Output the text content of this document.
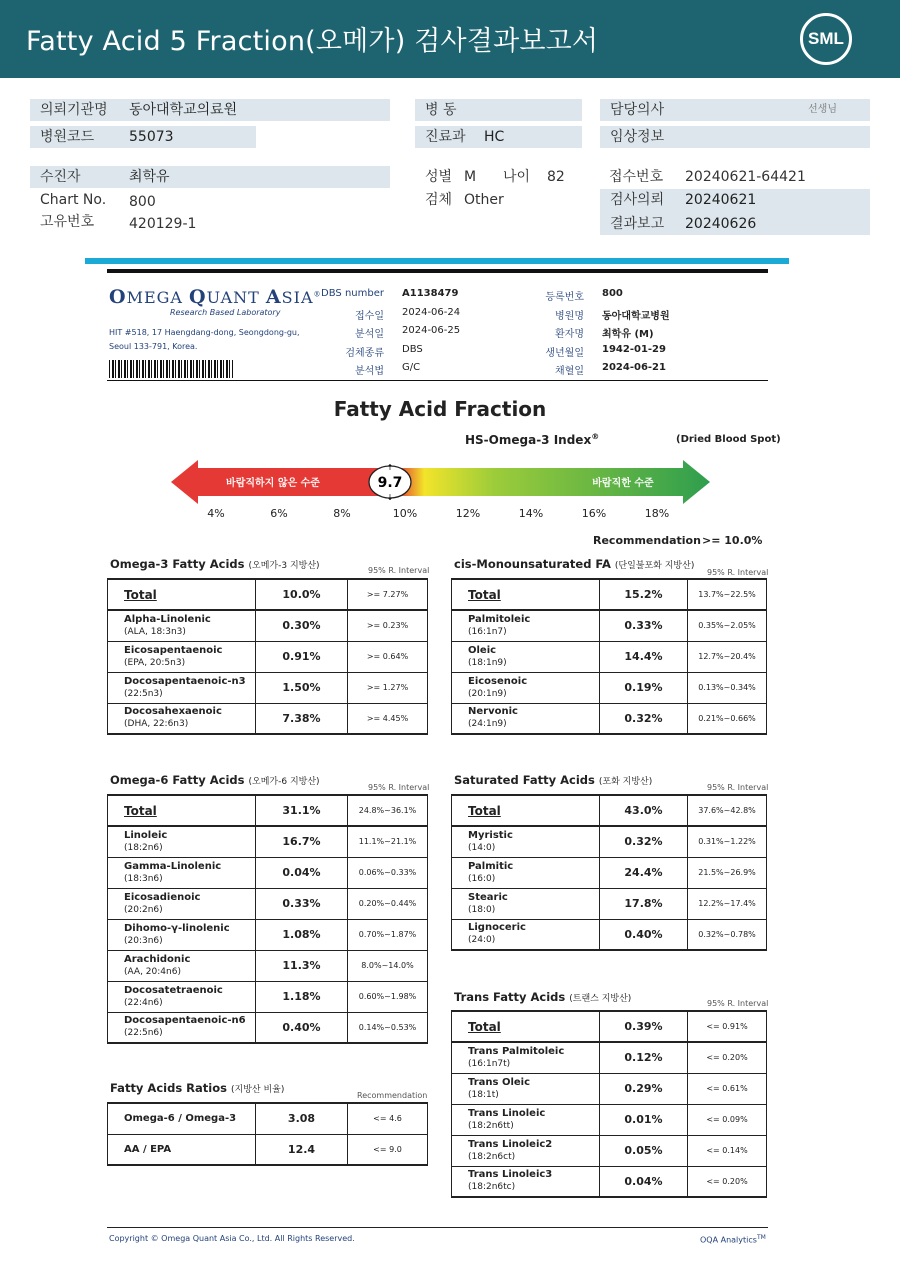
Fatty Acid 5 Fraction(오메가) 검사결과보고서	SML
의뢰기관명 동아대학교의료원
병원코드 55073
병 동
진료과 HC
담당의사	선생님
임상정보
수진자	최학유
Chart No. 800
고유번호 420129-1
성별 M 나이 82
검체 Other
접수번호 20240621-64421
검사의뢰 20240621
결과보고 20240626
OMEGA QUANT ASIA®
Research Based Laboratory
HIT #518, 17 Haengdang-dong, Seongdong-gu, Seoul 133-791, Korea.
DBS number A1138479
접수일 2024-06-24
분석일 2024-06-25
검체종류 DBS
분석법 G/C
등록번호 800
병원명 동아대학교병원
환자명 최학유 (M)
생년월일 1942-01-29
채혈일 2024-06-21
Fatty Acid Fraction
HS-Omega-3 Index®	(Dried Blood Spot)
바람직하지 않은 수준	바람직한 수준
9.7
↑
↓
4%	6%	8%	10%	12%	14%	16%	18%
Recommendation >= 10.0%
Omega-3 Fatty Acids (오메가-3 지방산)	95% R. Interval cis-Monounsaturated FA (단일불포화 지방산)
95% R. Interval
Omega-6 Fatty Acids (오메가-6 지방산)
95% R. Interval
Saturated Fatty Acids (포화 지방산)
95% R. Interval
Trans Fatty Acids (트랜스 지방산)	95% R. Interval
Fatty Acids Ratios (지방산 비율)
Recommendation
Total	10.0%	>= 7.27%
Alpha-Linolenic
(ALA, 18:3n3)	0.30%	>= 0.23%
Eicosapentaenoic
(EPA, 20:5n3)	0.91%	>= 0.64%
Docosapentaenoic-n3
(22:5n3)	1.50%	>= 1.27%
Docosahexaenoic
(DHA, 22:6n3)	7.38%	>= 4.45%
Total	15.2%	13.7%~22.5%
Palmitoleic
(16:1n7)	0.33%	0.35%~2.05%
Oleic
(18:1n9)	14.4%	12.7%~20.4%
Eicosenoic
(20:1n9)	0.19%	0.13%~0.34%
Nervonic
(24:1n9)	0.32%	0.21%~0.66%
Total	31.1%	24.8%~36.1%
Linoleic
(18:2n6)	16.7%	11.1%~21.1%
Gamma-Linolenic
(18:3n6)	0.04%	0.06%~0.33%
Eicosadienoic
(20:2n6)	0.33%	0.20%~0.44%
Dihomo-γ-linolenic
(20:3n6)	1.08%	0.70%~1.87%
Arachidonic
(AA, 20:4n6)	11.3%	8.0%~14.0%
Docosatetraenoic
(22:4n6)	1.18%	0.60%~1.98%
Docosapentaenoic-n6
(22:5n6)	0.40%	0.14%~0.53%
Total	43.0%	37.6%~42.8%
Myristic
(14:0)	0.32%	0.31%~1.22%
Palmitic
(16:0)	24.4%	21.5%~26.9%
Stearic
(18:0)	17.8%	12.2%~17.4%
Lignoceric
(24:0)	0.40%	0.32%~0.78%
Total	0.39%	<= 0.91%
Trans Palmitoleic
(16:1n7t)	0.12%	<= 0.20%
Trans Oleic
(18:1t)	0.29%	<= 0.61%
Trans Linoleic
(18:2n6tt)	0.01%	<= 0.09%
Trans Linoleic2
(18:2n6ct)	0.05%	<= 0.14%
Trans Linoleic3
(18:2n6tc)	0.04%	<= 0.20%
Omega-6 / Omega-3	3.08	<= 4.6
AA / EPA	12.4	<= 9.0
Copyright © Omega Quant Asia Co., Ltd. All Rights Reserved.	OQA Analytics™
